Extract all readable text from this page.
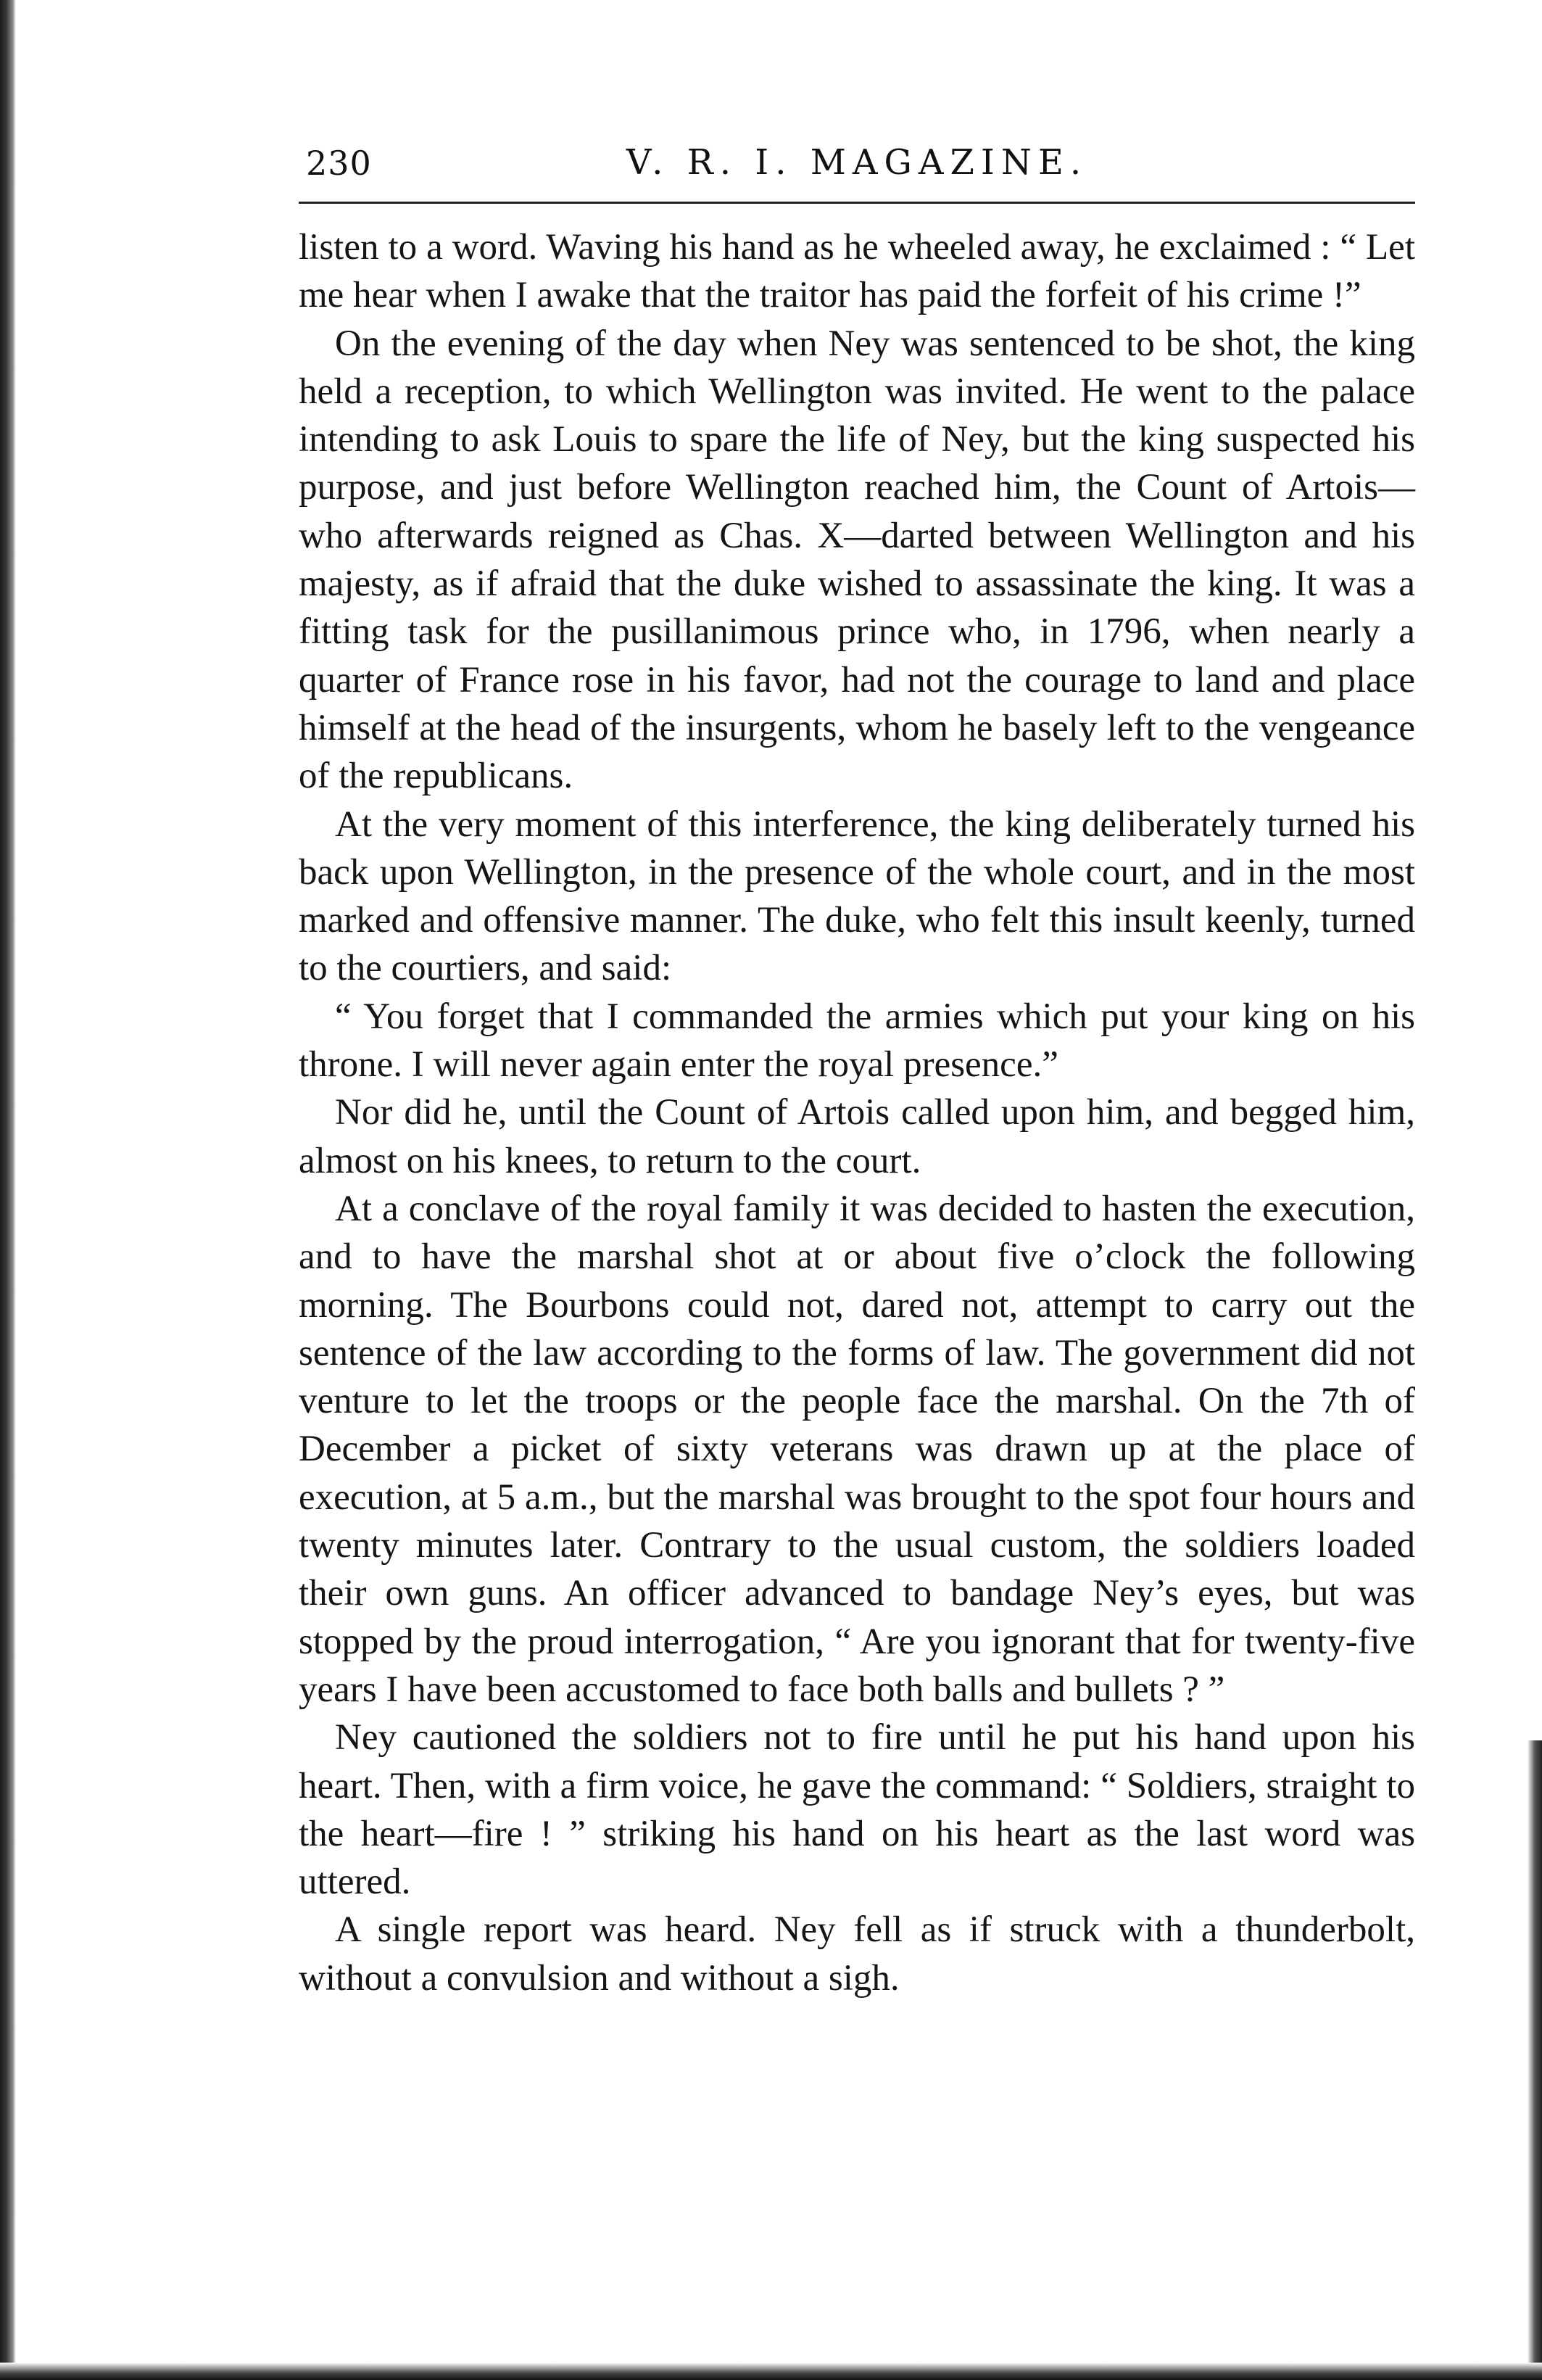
230	V. R. I. MAGAZINE.

listen to a word. Waving his hand as he wheeled away, he exclaimed : “ Let me hear when I awake that the traitor has paid the forfeit of his crime !”

On the evening of the day when Ney was sentenced to be shot, the king held a reception, to which Wellington was invited. He went to the palace intending to ask Louis to spare the life of Ney, but the king suspected his purpose, and just before Wellington reached him, the Count of Artois—who afterwards reigned as Chas. X—darted between Wellington and his majesty, as if afraid that the duke wished to assassinate the king. It was a fitting task for the pusillanimous prince who, in 1796, when nearly a quarter of France rose in his favor, had not the courage to land and place himself at the head of the insurgents, whom he basely left to the vengeance of the republicans.

At the very moment of this interference, the king deliberately turned his back upon Wellington, in the presence of the whole court, and in the most marked and offensive manner. The duke, who felt this insult keenly, turned to the courtiers, and said:

“ You forget that I commanded the armies which put your king on his throne. I will never again enter the royal presence.”

Nor did he, until the Count of Artois called upon him, and begged him, almost on his knees, to return to the court.

At a conclave of the royal family it was decided to hasten the execution, and to have the marshal shot at or about five o’clock the following morning. The Bourbons could not, dared not, attempt to carry out the sentence of the law according to the forms of law. The government did not venture to let the troops or the people face the marshal. On the 7th of December a picket of sixty veterans was drawn up at the place of execution, at 5 a.m., but the marshal was brought to the spot four hours and twenty minutes later. Contrary to the usual custom, the soldiers loaded their own guns. An officer advanced to bandage Ney’s eyes, but was stopped by the proud interrogation, “ Are you ignorant that for twenty-five years I have been accustomed to face both balls and bullets ? ”

Ney cautioned the soldiers not to fire until he put his hand upon his heart. Then, with a firm voice, he gave the command: “ Soldiers, straight to the heart—fire ! ” striking his hand on his heart as the last word was uttered.

A single report was heard. Ney fell as if struck with a thunderbolt, without a convulsion and without a sigh.
